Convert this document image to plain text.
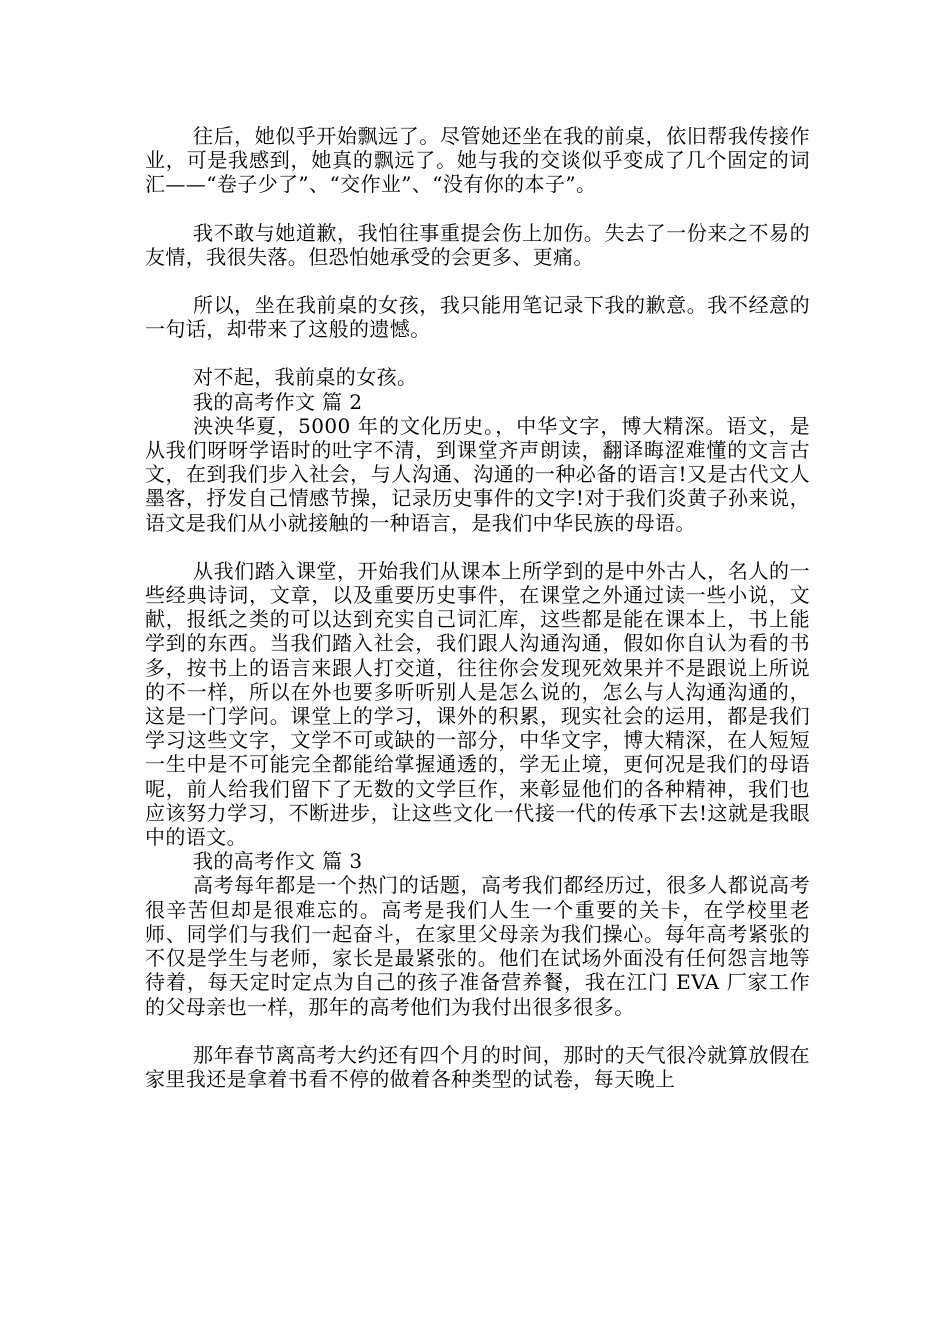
往后，她似乎开始飘远了。尽管她还坐在我的前桌，依旧帮我传接作业，可是我感到，她真的飘远了。她与我的交谈似乎变成了几个固定的词汇——“卷子少了”、“交作业”、“没有你的本子”。

我不敢与她道歉，我怕往事重提会伤上加伤。失去了一份来之不易的友情，我很失落。但恐怕她承受的会更多、更痛。

所以，坐在我前桌的女孩，我只能用笔记录下我的歉意。我不经意的一句话，却带来了这般的遗憾。

对不起，我前桌的女孩。

我的高考作文 篇 2

泱泱华夏，5000 年的文化历史。，中华文字，博大精深。语文，是从我们呀呀学语时的吐字不清，到课堂齐声朗读，翻译晦涩难懂的文言古文，在到我们步入社会，与人沟通、沟通的一种必备的语言!又是古代文人墨客，抒发自己情感节操，记录历史事件的文字!对于我们炎黄子孙来说，语文是我们从小就接触的一种语言，是我们中华民族的母语。

从我们踏入课堂，开始我们从课本上所学到的是中外古人，名人的一些经典诗词，文章，以及重要历史事件，在课堂之外通过读一些小说，文献，报纸之类的可以达到充实自己词汇库，这些都是能在课本上，书上能学到的东西。当我们踏入社会，我们跟人沟通沟通，假如你自认为看的书多，按书上的语言来跟人打交道，往往你会发现死效果并不是跟说上所说的不一样，所以在外也要多听听别人是怎么说的，怎么与人沟通沟通的，这是一门学问。课堂上的学习，课外的积累，现实社会的运用，都是我们学习这些文字，文学不可或缺的一部分，中华文字，博大精深，在人短短一生中是不可能完全都能给掌握通透的，学无止境，更何况是我们的母语呢，前人给我们留下了无数的文学巨作，来彰显他们的各种精神，我们也应该努力学习，不断进步，让这些文化一代接一代的传承下去!这就是我眼中的语文。

我的高考作文 篇 3

高考每年都是一个热门的话题，高考我们都经历过，很多人都说高考很辛苦但却是很难忘的。高考是我们人生一个重要的关卡，在学校里老师、同学们与我们一起奋斗，在家里父母亲为我们操心。每年高考紧张的不仅是学生与老师，家长是最紧张的。他们在试场外面没有任何怨言地等待着，每天定时定点为自己的孩子准备营养餐，我在江门 EVA 厂家工作的父母亲也一样，那年的高考他们为我付出很多很多。

那年春节离高考大约还有四个月的时间，那时的天气很冷就算放假在家里我还是拿着书看不停的做着各种类型的试卷，每天晚上
